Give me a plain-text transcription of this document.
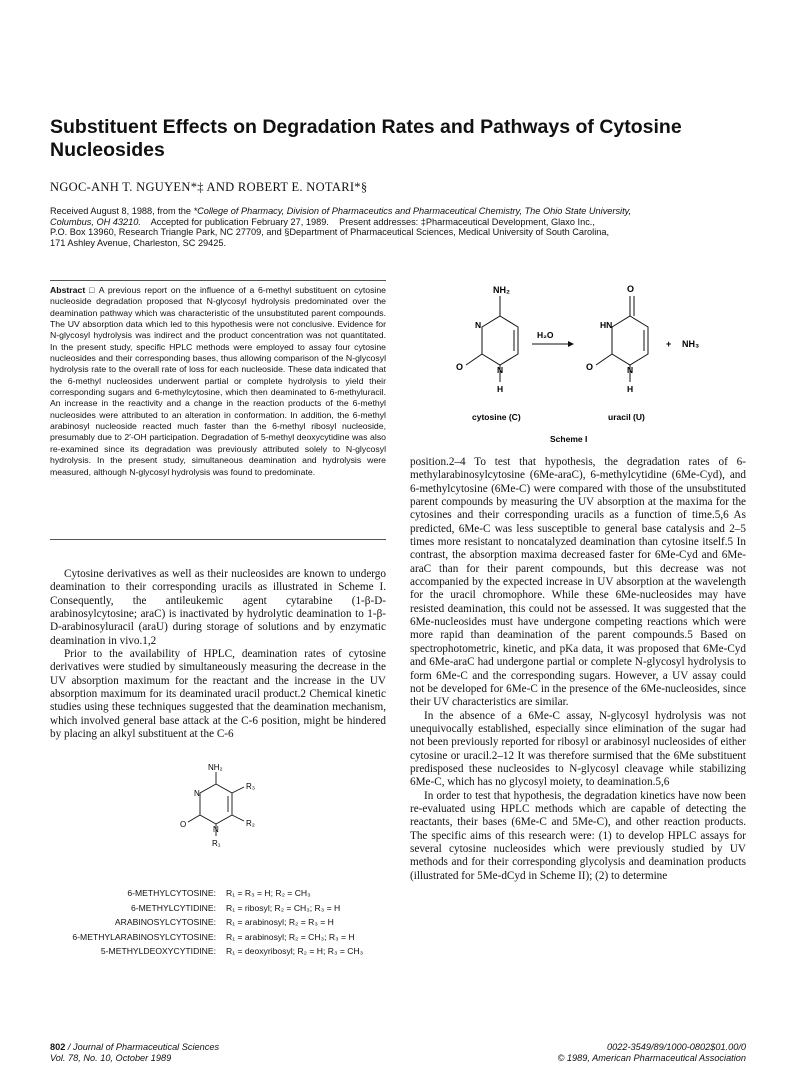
Substituent Effects on Degradation Rates and Pathways of Cytosine Nucleosides
NGOC-ANH T. NGUYEN*‡ AND ROBERT E. NOTARI*§
Received August 8, 1988, from the *College of Pharmacy, Division of Pharmaceutics and Pharmaceutical Chemistry, The Ohio State University,
Columbus, OH 43210.    Accepted for publication February 27, 1989.    Present addresses: ‡Pharmaceutical Development, Glaxo Inc.,
P.O. Box 13960, Research Triangle Park, NC 27709, and §Department of Pharmaceutical Sciences, Medical University of South Carolina,
171 Ashley Avenue, Charleston, SC 29425.
Abstract □ A previous report on the influence of a 6-methyl substituent on cytosine nucleoside degradation proposed that N-glycosyl hydrolysis predominated over the deamination pathway which was characteristic of the unsubstituted parent compounds. The UV absorption data which led to this hypothesis were not conclusive. Evidence for N-glycosyl hydrolysis was indirect and the product concentration was not quantitated. In the present study, specific HPLC methods were employed to assay four cytosine nucleosides and their corresponding bases, thus allowing comparison of the N-glycosyl hydrolysis rate to the overall rate of loss for each nucleoside. These data indicated that the 6-methyl nucleosides underwent partial or complete hydrolysis to yield their corresponding sugars and 6-methylcytosine, which then deaminated to 6-methyluracil. An increase in the reactivity and a change in the reaction products of the 6-methyl nucleosides were attributed to an alteration in conformation. In addition, the 6-methyl arabinosyl nucleoside reacted much faster than the 6-methyl ribosyl nucleoside, presumably due to 2′-OH participation. Degradation of 5-methyl deoxycytidine was also re-examined since its degradation was previously attributed solely to N-glycosyl hydrolysis. In the present study, simultaneous deamination and hydrolysis were measured, although N-glycosyl hydrolysis was found to predominate.

Cytosine derivatives as well as their nucleosides are known to undergo deamination to their corresponding uracils as illustrated in Scheme I. Consequently, the antileukemic agent cytarabine (1-β-D-arabinosylcytosine; araC) is inactivated by hydrolytic deamination to 1-β-D-arabinosyluracil (araU) during storage of solutions and by enzymatic deamination in vivo.1,2

Prior to the availability of HPLC, deamination rates of cytosine derivatives were studied by simultaneously measuring the decrease in the UV absorption maximum for the reactant and the increase in the UV absorption maximum for its deaminated uracil product.2 Chemical kinetic studies using these techniques suggested that the deamination mechanism, which involved general base attack at the C-6 position, might be hindered by placing an alkyl substituent at the C-6

NH₂
N
O	N
H
H₂O
O
HN
O	N
H
+ NH₃
cytosine (C)	uracil (U)
Scheme I
NH₂
R₃
R₂
R₁
N
O
N
6-METHYLCYTOSINE:	R₁ = R₃ = H; R₂ = CH₃
6-METHYLCYTIDINE:	R₁ = ribosyl; R₂ = CH₃; R₃ = H
ARABINOSYLCYTOSINE:	R₁ = arabinosyl; R₂ = R₃ = H
6-METHYLARABINOSYLCYTOSINE:	R₁ = arabinosyl; R₂ = CH₃; R₃ = H
5-METHYLDEOXYCYTIDINE:	R₁ = deoxyribosyl; R₂ = H; R₃ = CH₃

position.2–4 To test that hypothesis, the degradation rates of 6-methylarabinosylcytosine (6Me-araC), 6-methylcytidine (6Me-Cyd), and 6-methylcytosine (6Me-C) were compared with those of the unsubstituted parent compounds by measuring the UV absorption at the maxima for the cytosines and their corresponding uracils as a function of time.5,6 As predicted, 6Me-C was less susceptible to general base catalysis and 2–5 times more resistant to noncatalyzed deamination than cytosine itself.5 In contrast, the absorption maxima decreased faster for 6Me-Cyd and 6Me-araC than for their parent compounds, but this decrease was not accompanied by the expected increase in UV absorption at the wavelength for the uracil chromophore. While these 6Me-nucleosides may have resisted deamination, this could not be assessed. It was suggested that the 6Me-nucleosides must have undergone competing reactions which were more rapid than deamination of the parent compounds.5 Based on spectrophotometric, kinetic, and pKa data, it was proposed that 6Me-Cyd and 6Me-araC had undergone partial or complete N-glycosyl hydrolysis to form 6Me-C and the corresponding sugars. However, a UV assay could not be developed for 6Me-C in the presence of the 6Me-nucleosides, since their UV characteristics are similar.

In the absence of a 6Me-C assay, N-glycosyl hydrolysis was not unequivocally established, especially since elimination of the sugar had not been previously reported for ribosyl or arabinosyl nucleosides of either cytosine or uracil.2–12 It was therefore surmised that the 6Me substituent predisposed these nucleosides to N-glycosyl cleavage while stabilizing 6Me-C, which has no glycosyl moiety, to deamination.5,6

In order to test that hypothesis, the degradation kinetics have now been re-evaluated using HPLC methods which are capable of detecting the reactants, their bases (6Me-C and 5Me-C), and other reaction products. The specific aims of this research were: (1) to develop HPLC assays for several cytosine nucleosides which were previously studied by UV methods and for their corresponding glycolysis and deamination products (illustrated for 5Me-dCyd in Scheme II); (2) to determine

802 / Journal of Pharmaceutical Sciences
Vol. 78, No. 10, October 1989
0022-3549/89/1000-0802$01.00/0
© 1989, American Pharmaceutical Association
